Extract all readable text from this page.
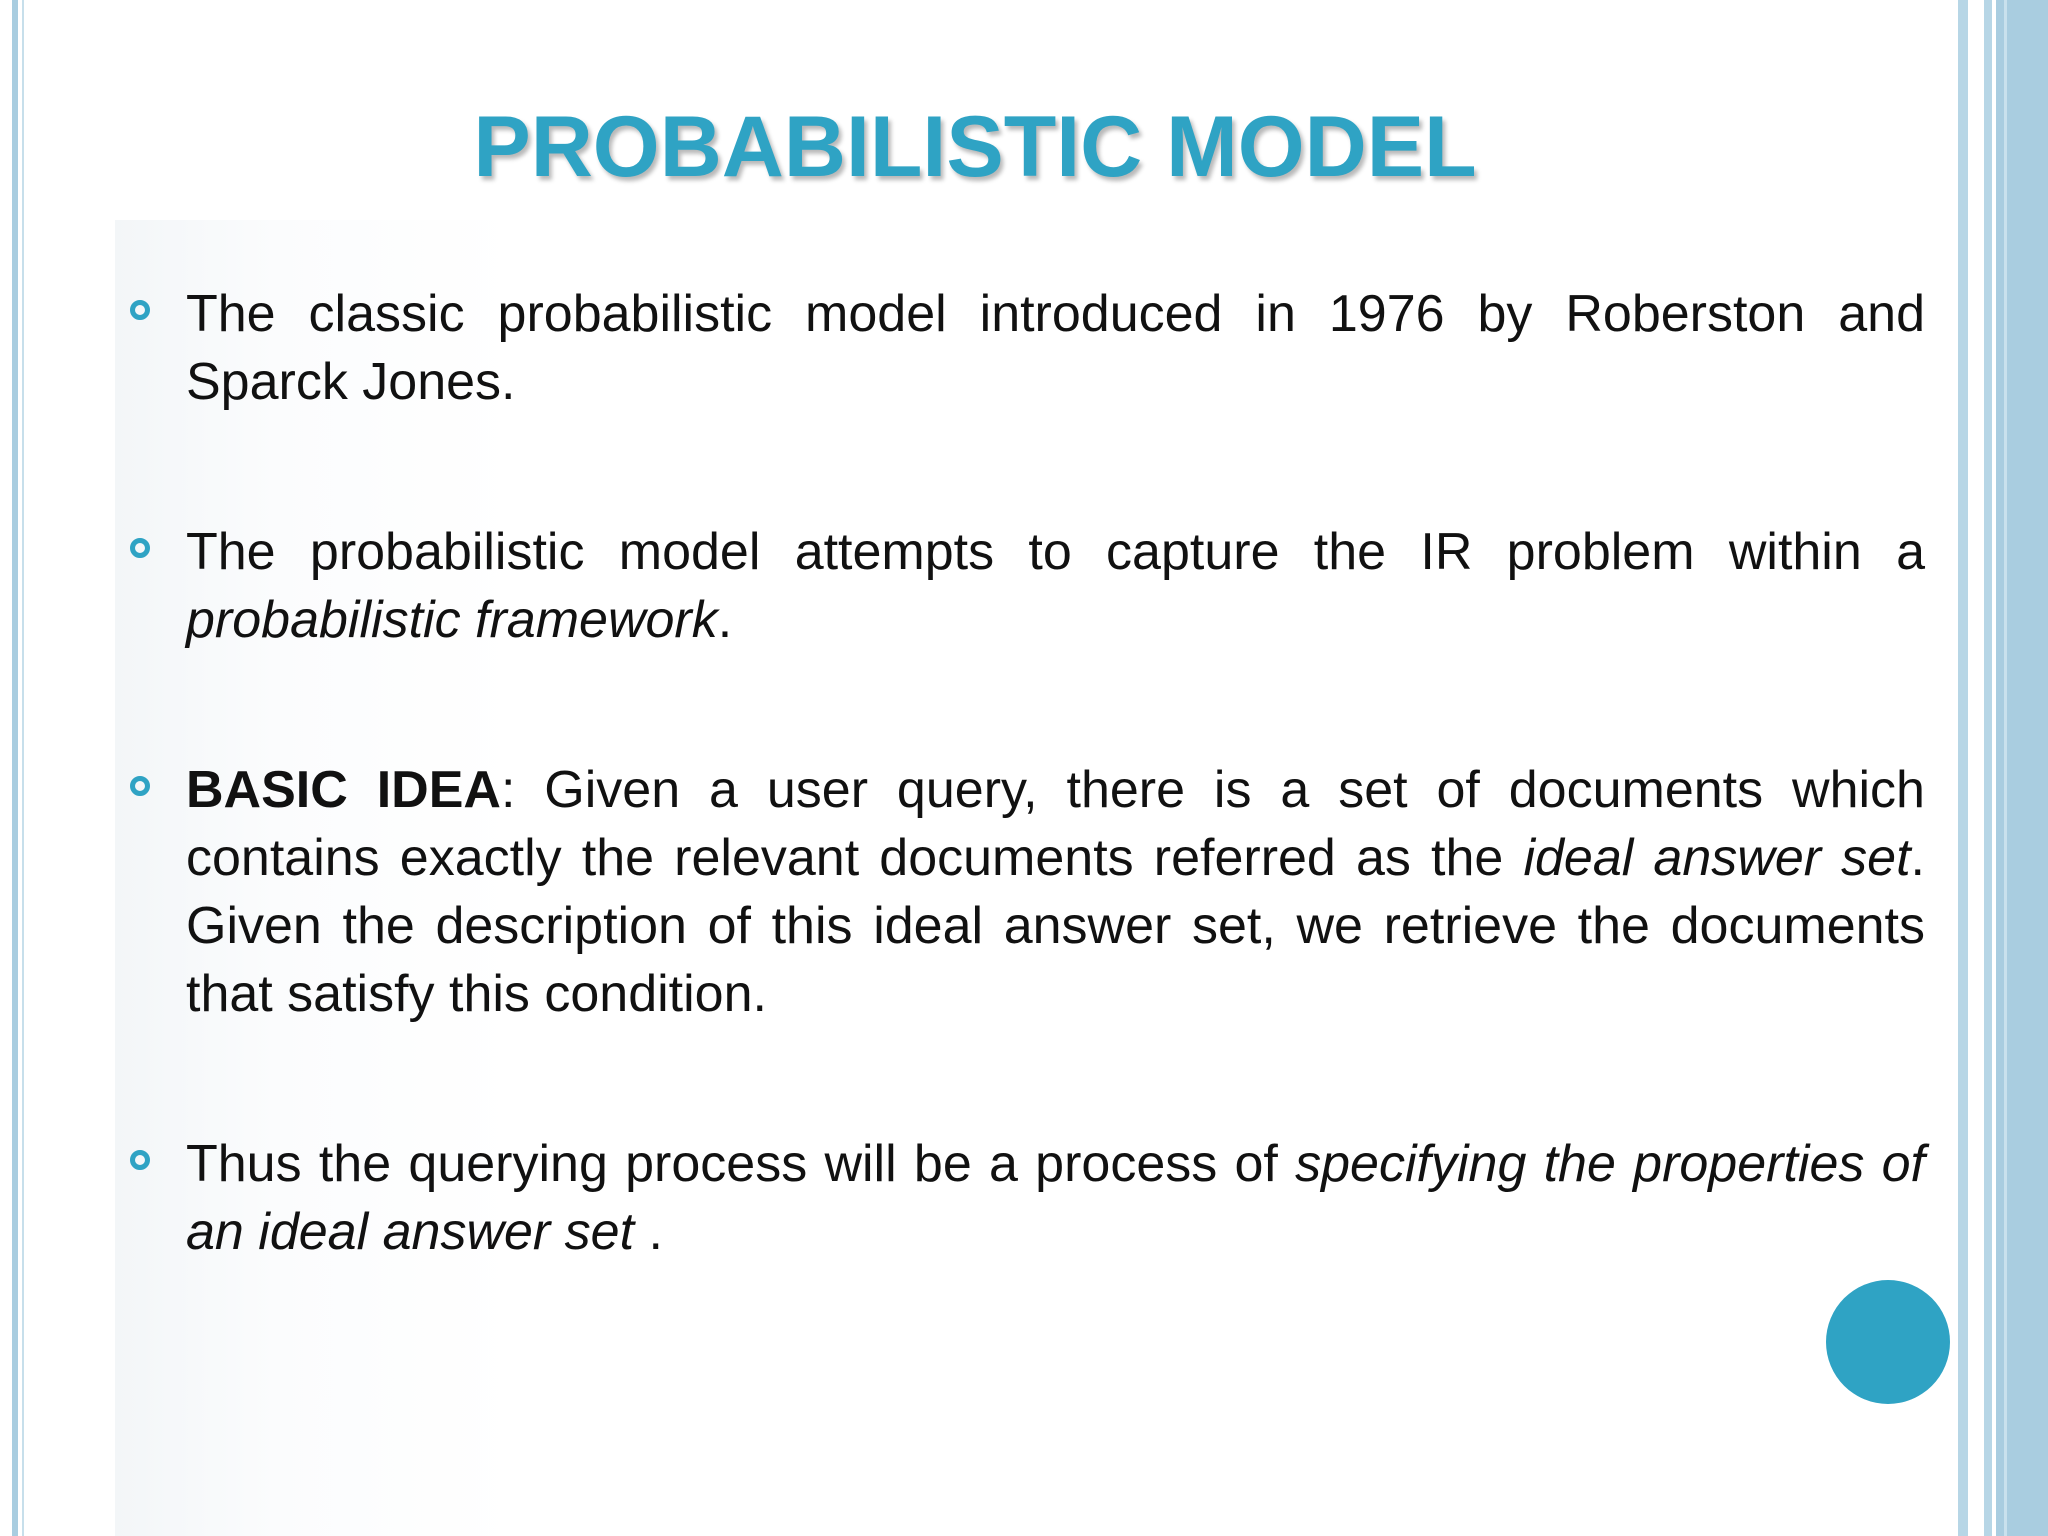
PROBABILISTIC MODEL
The classic probabilistic model introduced in 1976 by Roberston and Sparck Jones.
The probabilistic model attempts to capture the IR problem within a probabilistic framework.
BASIC IDEA: Given a user query, there is a set of documents which contains exactly the relevant documents referred as the ideal answer set. Given the description of this ideal answer set, we retrieve the documents that satisfy this condition.
Thus the querying process will be a process of specifying the properties of an ideal answer set .
